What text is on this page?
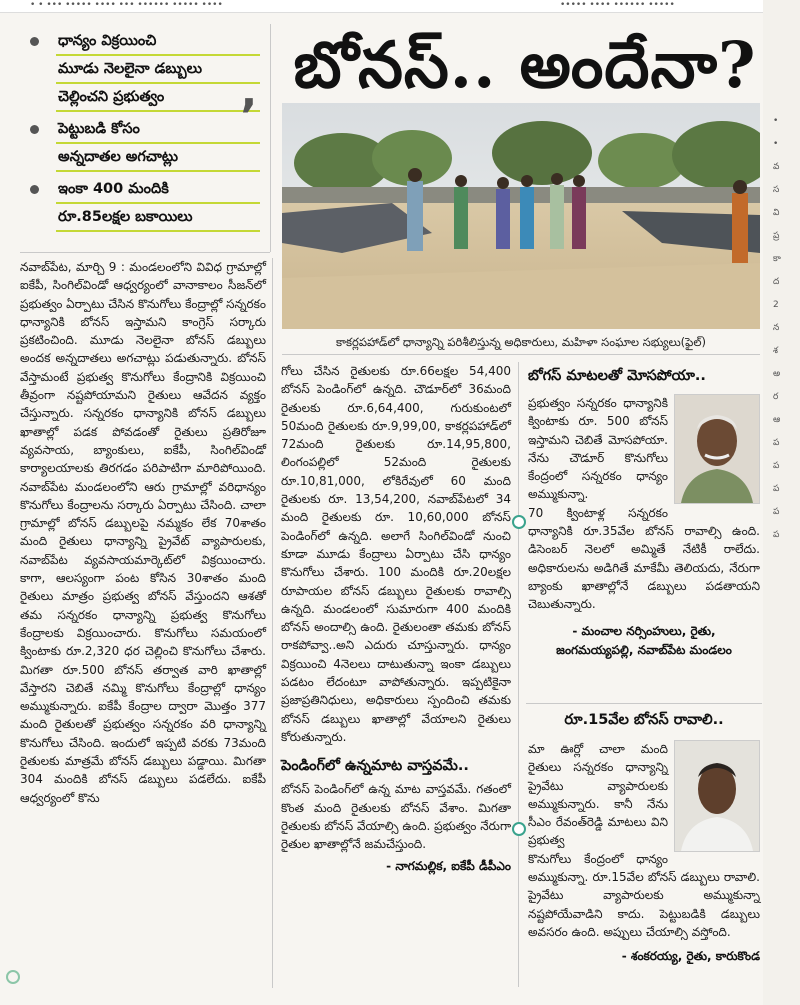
• • ••• ••••• •••• ••• •••••• ••••• ••••	••••• •••• •••••• •••••
ధాన్యం విక్రయించి
మూడు నెలలైనా డబ్బులు
చెల్లించని ప్రభుత్వం
పెట్టుబడి కోసం
అన్నదాతల అగచాట్లు
ఇంకా 400 మందికి
రూ.85లక్షల బకాయిలు
’
బోనస్.. అందేనా?
కాకర్లపహాడ్‌లో ధాన్యాన్ని పరిశీలిస్తున్న అధికారులు, మహిళా సంఘాల సభ్యులు(ఫైల్)

నవాబ్‌పేట, మార్చి 9 : మండలంలోని వివిధ గ్రామాల్లో ఐకేపీ, సింగిల్‌విండో ఆధ్వర్యంలో వానాకాలం సీజన్‌లో ప్రభుత్వం ఏర్పాటు చేసిన కొనుగోలు కేంద్రాల్లో సన్నరకం ధాన్యానికి బోనస్ ఇస్తామని కాంగ్రెస్ సర్కారు ప్రకటించింది. మూడు నెలలైనా బోనస్ డబ్బులు అందక అన్నదాతలు అగచాట్లు పడుతున్నారు. బోనస్ వేస్తామంటే ప్రభుత్వ కొనుగోలు కేంద్రానికి విక్రయించి తీవ్రంగా నష్టపోయామని రైతులు ఆవేదన వ్యక్తం చేస్తున్నారు. సన్నరకం ధాన్యానికి బోనస్ డబ్బులు ఖాతాల్లో పడక పోవడంతో రైతులు ప్రతిరోజూ వ్యవసాయ, బ్యాంకులు, ఐకేపీ, సింగిల్‌విండో కార్యాలయాలకు తిరగడం పరిపాటిగా మారిపోయింది. నవాబ్‌పేట మండలంలోని ఆరు గ్రామాల్లో వరిధాన్యం కొనుగోలు కేంద్రాలను సర్కారు ఏర్పాటు చేసింది. చాలా గ్రామాల్లో బోనస్ డబ్బులపై నమ్మకం లేక 70శాతం మంది రైతులు ధాన్యాన్ని ప్రైవేట్ వ్యాపారులకు, నవాబ్‌పేట వ్యవసాయమార్కెట్‌లో విక్రయించారు. కాగా, ఆలస్యంగా పంట కోసిన 30శాతం మంది రైతులు మాత్రం ప్రభుత్వ బోనస్ వేస్తుందని ఆశతో తమ సన్నరకం ధాన్యాన్ని ప్రభుత్వ కొనుగోలు కేంద్రాలకు విక్రయించారు. కొనుగోలు సమయంలో క్వింటాకు రూ.2,320 ధర చెల్లించి కొనుగోలు చేశారు. మిగతా రూ.500 బోనస్ తర్వాత వారి ఖాతాల్లో వేస్తారని చెబితే నమ్మి కొనుగోలు కేంద్రాల్లో ధాన్యం అమ్ముకున్నారు. ఐకేపీ కేంద్రాల ద్వారా మొత్తం 377 మంది రైతులతో ప్రభుత్వం సన్నరకం వరి ధాన్యాన్ని కొనుగోలు చేసింది. ఇందులో ఇప్పటి వరకు 73మంది రైతులకు మాత్రమే బోనస్ డబ్బులు పడ్డాయి. మిగతా 304 మందికి బోనస్ డబ్బులు పడలేదు. ఐకేపీ ఆధ్వర్యంలో కొను

గోలు చేసిన రైతులకు రూ.66లక్షల 54,400 బోనస్ పెండింగ్‌లో ఉన్నది. చౌడూర్‌లో 36మంది రైతులకు రూ.6,64,400, గురుకుంటలో 50మంది రైతులకు రూ.9,99,00, కాకర్లపహాడ్‌లో 72మంది రైతులకు రూ.14,95,800, లింగంపల్లిలో 52మంది రైతులకు రూ.10,81,000, లోకిరేవులో 60 మంది రైతులకు రూ. 13,54,200, నవాబ్‌పేటలో 34 మంది రైతులకు రూ. 10,60,000 బోనస్ పెండింగ్‌లో ఉన్నది. అలాగే సింగిల్‌విండో నుంచి కూడా మూడు కేంద్రాలు ఏర్పాటు చేసి ధాన్యం కొనుగోలు చేశారు. 100 మందికి రూ.20లక్షల రూపాయల బోనస్ డబ్బులు రైతులకు రావాల్సి ఉన్నది. మండలంలో సుమారుగా 400 మందికి బోనస్ అందాల్సి ఉంది. రైతులంతా తమకు బోనస్ రాకపోవ్వా..అని ఎదురు చూస్తున్నారు. ధాన్యం విక్రయించి 4నెలలు దాటుతున్నా ఇంకా డబ్బులు పడటం లేదంటూ వాపోతున్నారు. ఇప్పటికైనా ప్రజాప్రతినిధులు, అధికారులు స్పందించి తమకు బోనస్ డబ్బులు ఖాతాల్లో వేయాలని రైతులు కోరుతున్నారు.

పెండింగ్‌లో ఉన్నమాట వాస్తవమే..

బోనస్ పెండింగ్‌లో ఉన్న మాట వాస్తవమే. గతంలో కొంత మంది రైతులకు బోనస్ వేశాం. మిగతా రైతులకు బోనస్ వేయాల్సి ఉంది. ప్రభుత్వం నేరుగా రైతుల ఖాతాల్లోనే జమచేస్తుంది.

- నాగమల్లిక, ఐకేపీ డీపీఎం
బోగస్ మాటలతో మోసపోయా..

ప్రభుత్వం సన్నరకం ధాన్యానికి క్వింటాకు రూ. 500 బోనస్ ఇస్తామని చెబితే మోసపోయా. నేను చౌడూర్ కొనుగోలు కేంద్రంలో సన్నరకం ధాన్యం అమ్ముకున్నా.

70 క్వింటాళ్ల సన్నరకం ధాన్యానికి రూ.35వేల బోనస్ రావాల్సి ఉంది. డిసెంబర్ నెలలో అమ్మితే నేటికీ రాలేదు. అధికారులను అడిగితే మాకేమీ తెలియదు, నేరుగా బ్యాంకు ఖాతాల్లోనే డబ్బులు పడతాయని చెబుతున్నారు.

- మంచాల నర్సింహులు, రైతు,
జంగమయ్యపల్లి, నవాబ్‌పేట మండలం
రూ.15వేల బోనస్ రావాలి..

మా ఊర్లో చాలా మంది రైతులు సన్నరకం ధాన్యాన్ని ప్రైవేటు వ్యాపారులకు అమ్ముకున్నారు. కానీ నేను సీఎం రేవంత్‌రెడ్డి మాటలు విని ప్రభుత్వ

కొనుగోలు కేంద్రంలో ధాన్యం అమ్ముకున్నా. రూ.15వేల బోనస్ డబ్బులు రావాలి. ప్రైవేటు వ్యాపారులకు అమ్ముకున్నా నష్టపోయేవాడిని కాదు. పెట్టుబడికి డబ్బులు అవసరం ఉంది. అప్పులు చేయాల్సి వస్తోంది.

- శంకరయ్య, రైతు, కారుకొండ
•
•
వ
స
వి
ప్ర
కా
ద
2
న
శ
అ
ర
ఆ
ప
ప
ప
ప
ప
